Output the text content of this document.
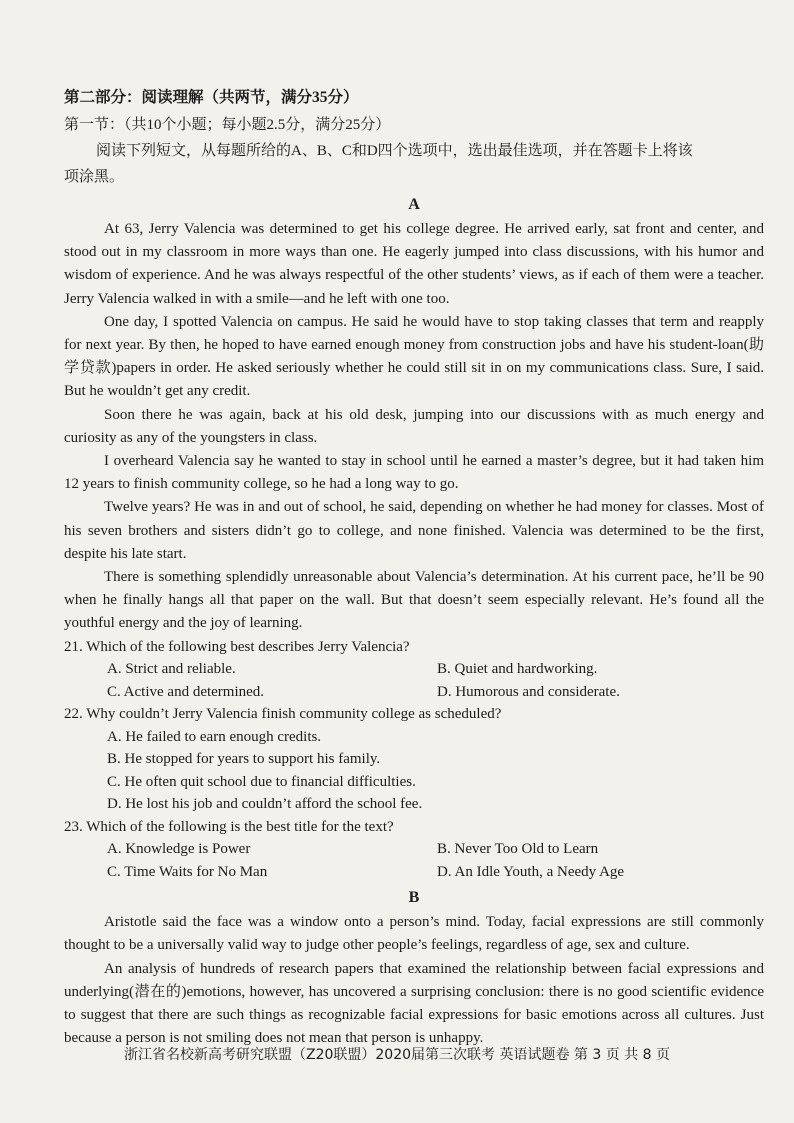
第二部分：阅读理解（共两节，满分35分）
第一节：（共10个小题；每小题2.5分，满分25分）
阅读下列短文，从每题所给的A、B、C和D四个选项中，选出最佳选项，并在答题卡上将该
项涂黑。
A

At 63, Jerry Valencia was determined to get his college degree. He arrived early, sat front and center, and stood out in my classroom in more ways than one. He eagerly jumped into class discussions, with his humor and wisdom of experience. And he was always respectful of the other students’ views, as if each of them were a teacher. Jerry Valencia walked in with a smile—and he left with one too.

One day, I spotted Valencia on campus. He said he would have to stop taking classes that term and reapply for next year. By then, he hoped to have earned enough money from construction jobs and have his student-loan(助学贷款)papers in order. He asked seriously whether he could still sit in on my communications class. Sure, I said. But he wouldn’t get any credit.

Soon there he was again, back at his old desk, jumping into our discussions with as much energy and curiosity as any of the youngsters in class.

I overheard Valencia say he wanted to stay in school until he earned a master’s degree, but it had taken him 12 years to finish community college, so he had a long way to go.

Twelve years? He was in and out of school, he said, depending on whether he had money for classes. Most of his seven brothers and sisters didn’t go to college, and none finished. Valencia was determined to be the first, despite his late start.

There is something splendidly unreasonable about Valencia’s determination. At his current pace, he’ll be 90 when he finally hangs all that paper on the wall. But that doesn’t seem especially relevant. He’s found all the youthful energy and the joy of learning.

21. Which of the following best describes Jerry Valencia?
A. Strict and reliable.	B. Quiet and hardworking.
C. Active and determined.	D. Humorous and considerate.
22. Why couldn’t Jerry Valencia finish community college as scheduled?
A. He failed to earn enough credits.
B. He stopped for years to support his family.
C. He often quit school due to financial difficulties.
D. He lost his job and couldn’t afford the school fee.
23. Which of the following is the best title for the text?
A. Knowledge is Power	B. Never Too Old to Learn
C. Time Waits for No Man	D. An Idle Youth, a Needy Age
B

Aristotle said the face was a window onto a person’s mind. Today, facial expressions are still commonly thought to be a universally valid way to judge other people’s feelings, regardless of age, sex and culture.

An analysis of hundreds of research papers that examined the relationship between facial expressions and underlying(潜在的)emotions, however, has uncovered a surprising conclusion: there is no good scientific evidence to suggest that there are such things as recognizable facial expressions for basic emotions across all cultures. Just because a person is not smiling does not mean that person is unhappy.

浙江省名校新高考研究联盟（Z20联盟）2020届第三次联考 英语试题卷 第 3 页 共 8 页
